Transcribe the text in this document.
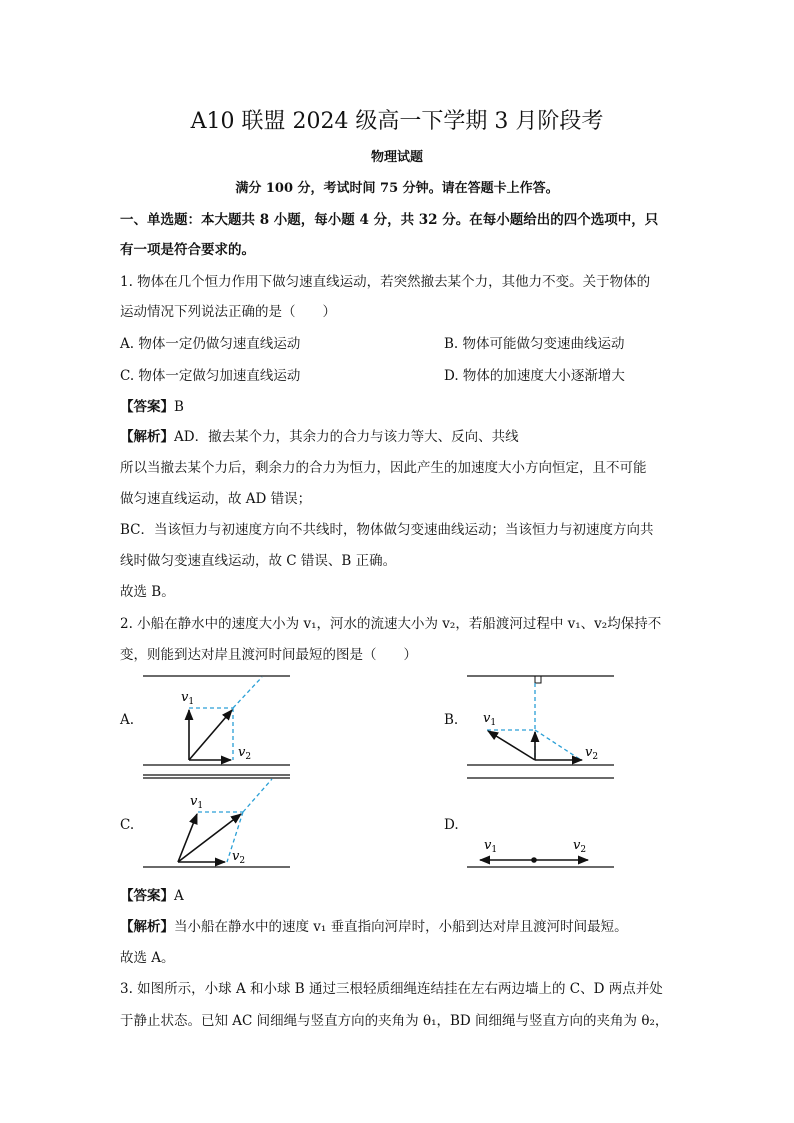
A10 联盟 2024 级高一下学期 3 月阶段考
物理试题
满分 100 分，考试时间 75 分钟。请在答题卡上作答。
一、单选题：本大题共 8 小题，每小题 4 分，共 32 分。在每小题给出的四个选项中，只
有一项是符合要求的。
1. 物体在几个恒力作用下做匀速直线运动，若突然撤去某个力，其他力不变。关于物体的
运动情况下列说法正确的是（　　）
A. 物体一定仍做匀速直线运动	B. 物体可能做匀变速曲线运动
C. 物体一定做匀加速直线运动	D. 物体的加速度大小逐渐增大
【答案】B
【解析】AD．撤去某个力，其余力的合力与该力等大、反向、共线
所以当撤去某个力后，剩余力的合力为恒力，因此产生的加速度大小方向恒定，且不可能
做匀速直线运动，故 AD 错误；
BC．当该恒力与初速度方向不共线时，物体做匀变速曲线运动；当该恒力与初速度方向共
线时做匀变速直线运动，故 C 错误、B 正确。
故选 B。
2. 小船在静水中的速度大小为 v₁，河水的流速大小为 v₂，若船渡河过程中 v₁、v₂均保持不
变，则能到达对岸且渡河时间最短的图是（　　）
A.	B.
C.	D.
$v_1$
$v_2$
$v_1$
$v_2$
$v_1$
$v_2$
$v_1$	$v_2$
【答案】A
【解析】当小船在静水中的速度 v₁ 垂直指向河岸时，小船到达对岸且渡河时间最短。
故选 A。
3. 如图所示，小球 A 和小球 B 通过三根轻质细绳连结挂在左右两边墙上的 C、D 两点并处
于静止状态。已知 AC 间细绳与竖直方向的夹角为 θ₁，BD 间细绳与竖直方向的夹角为 θ₂，
